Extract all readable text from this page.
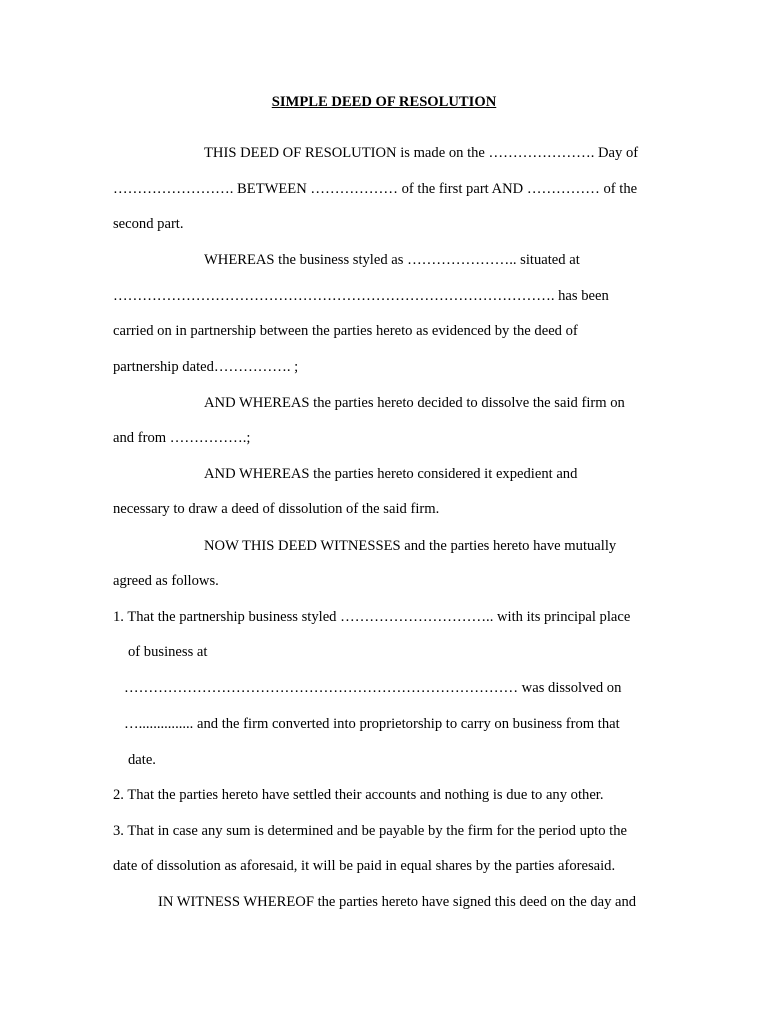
SIMPLE DEED OF RESOLUTION
THIS DEED OF RESOLUTION is made on the …………………. Day of
……………………. BETWEEN ……………… of the first part AND …………… of the
second part.
WHEREAS the business styled as ………………….. situated at
………………………………………………………………………………. has been
carried on in partnership between the parties hereto as evidenced by the deed of
partnership dated……………. ;
AND WHEREAS the parties hereto decided to dissolve the said firm on
and from …………….;
AND WHEREAS the parties hereto considered it expedient and
necessary to draw a deed of dissolution of the said firm.
NOW THIS DEED WITNESSES and the parties hereto have mutually
agreed as follows.
1. That the partnership business styled ………………………….. with its principal place
of business at
……………………………………………………………………… was dissolved on
…............... and the firm converted into proprietorship to carry on business from that
date.
2. That the parties hereto have settled their accounts and nothing is due to any other.
3. That in case any sum is determined and be payable by the firm for the period upto the
date of dissolution as aforesaid, it will be paid in equal shares by the parties aforesaid.
IN WITNESS WHEREOF the parties hereto have signed this deed on the day and
